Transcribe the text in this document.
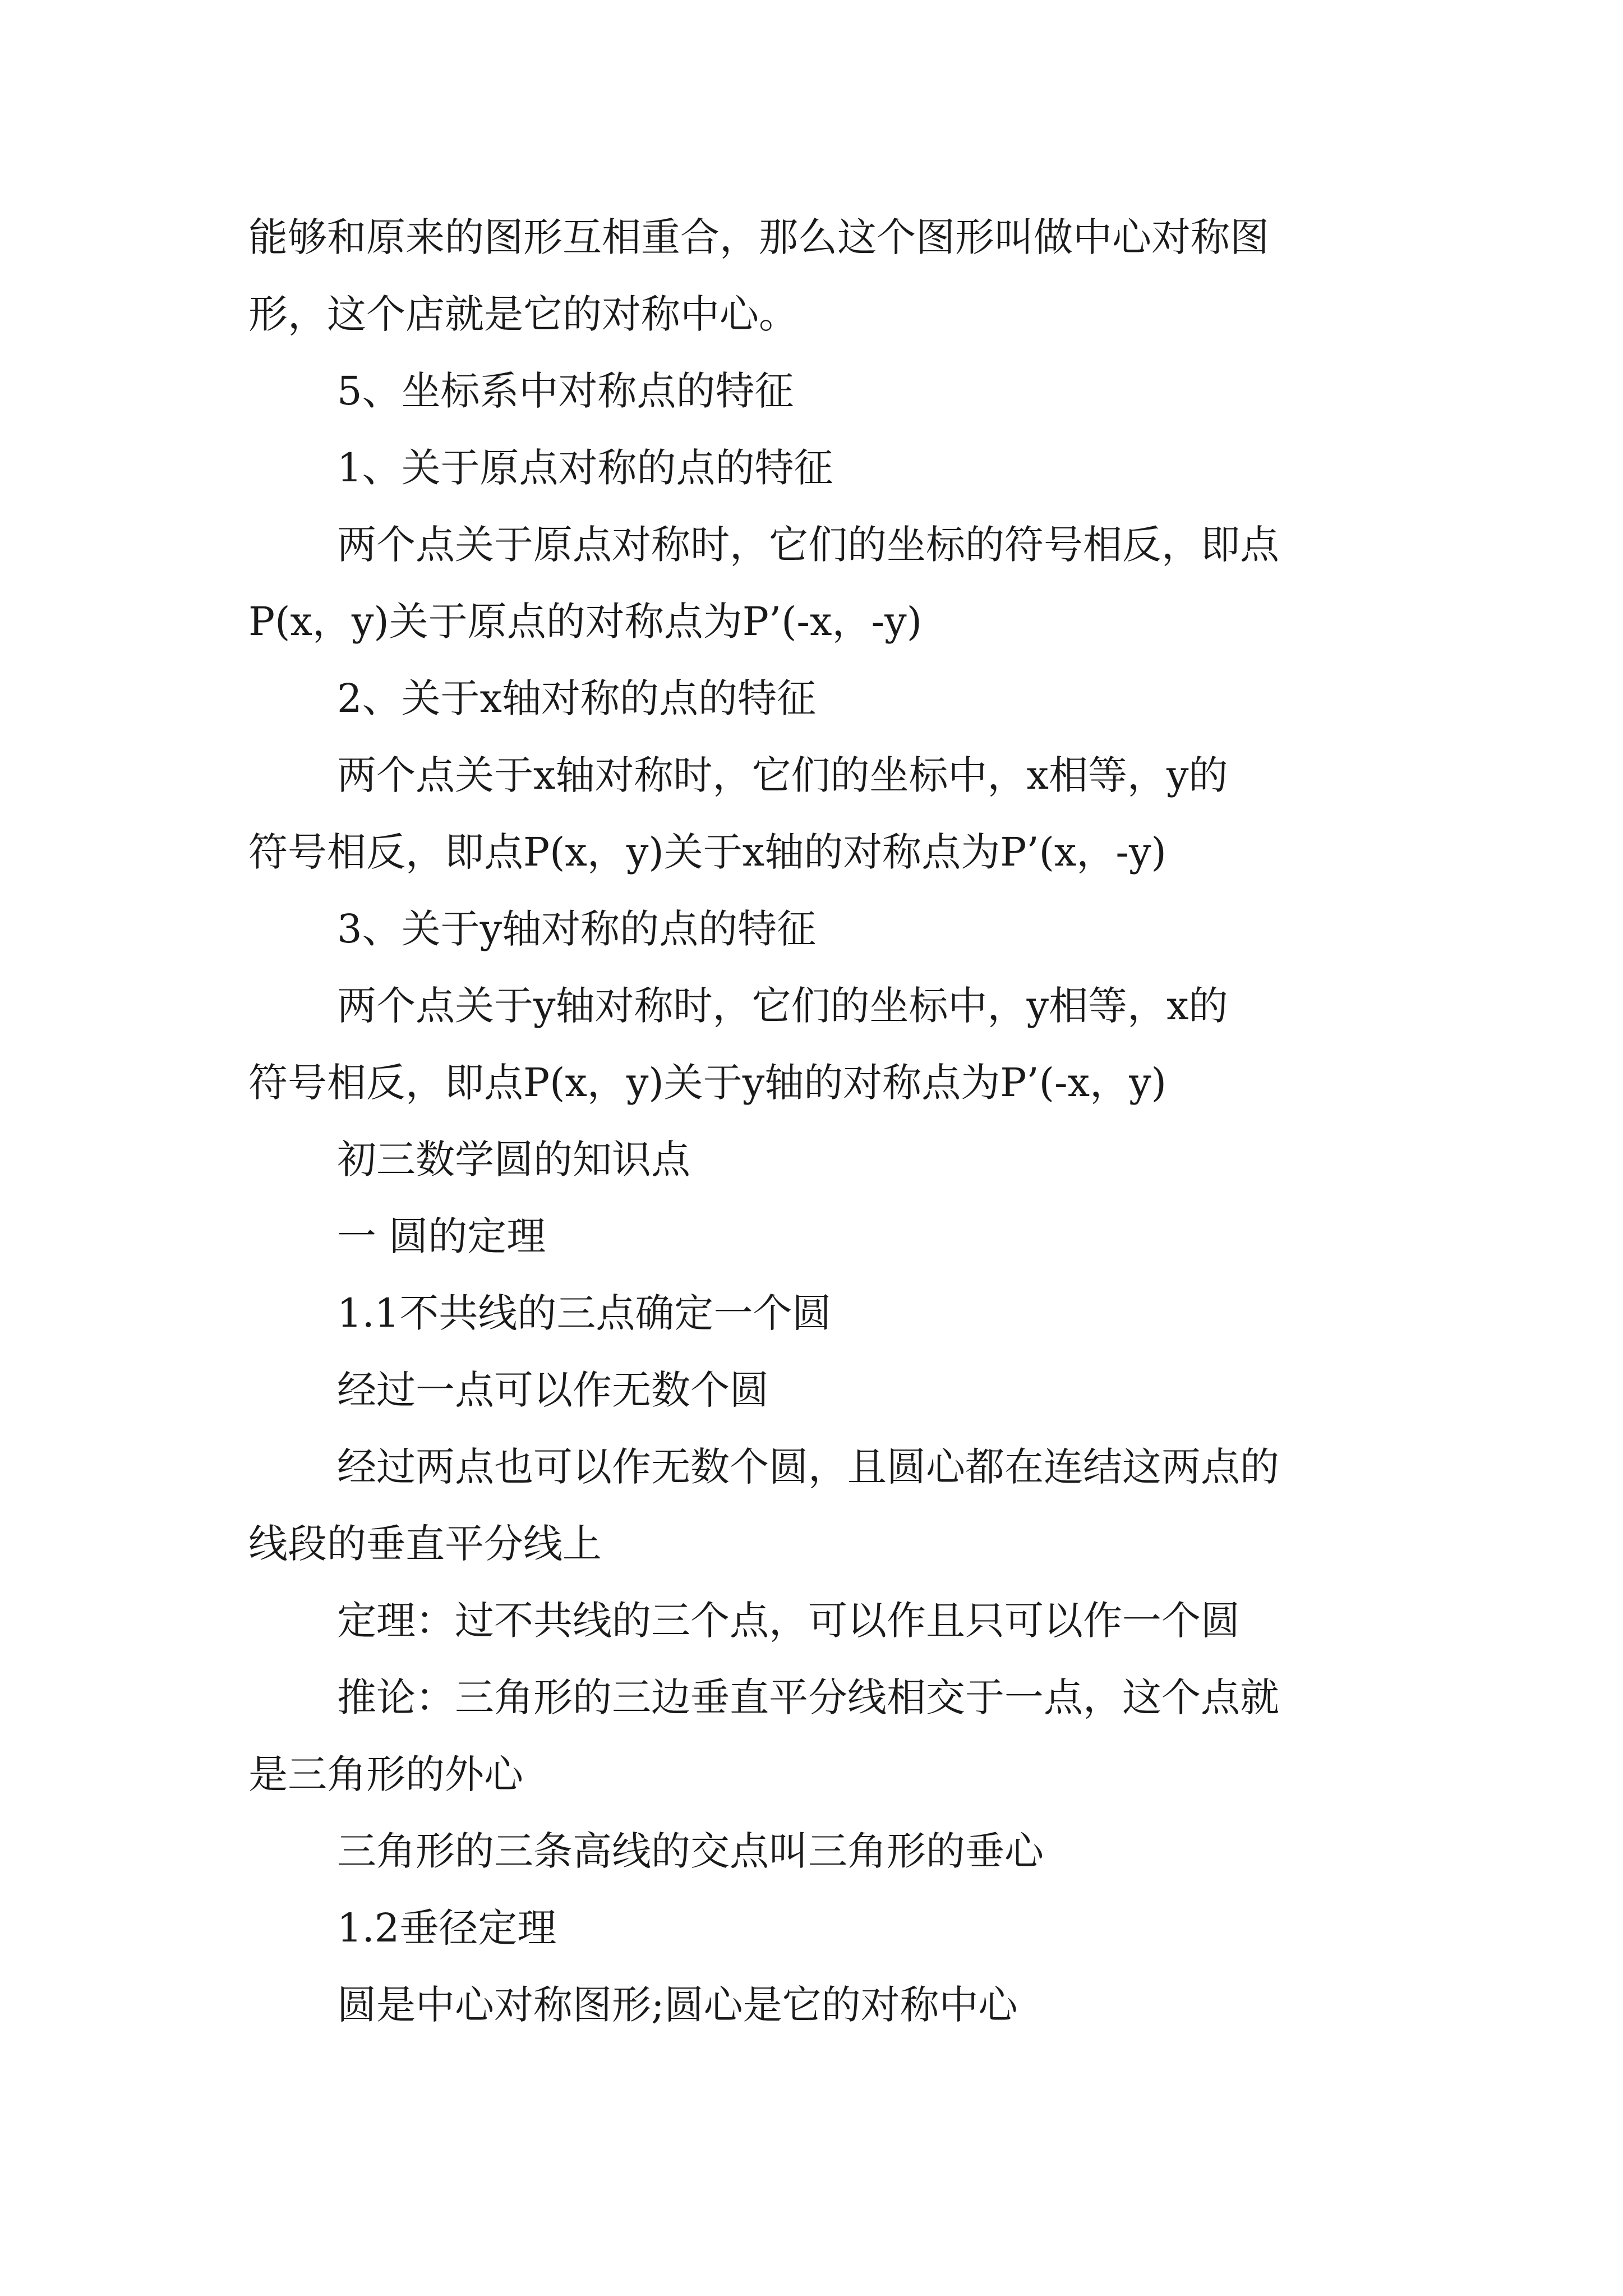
能够和原来的图形互相重合，那么这个图形叫做中心对称图
形，这个店就是它的对称中心。
5、坐标系中对称点的特征
1、关于原点对称的点的特征
两个点关于原点对称时，它们的坐标的符号相反，即点
P(x，y)关于原点的对称点为P’(-x，-y)
2、关于x轴对称的点的特征
两个点关于x轴对称时，它们的坐标中，x相等，y的
符号相反，即点P(x，y)关于x轴的对称点为P’(x，-y)
3、关于y轴对称的点的特征
两个点关于y轴对称时，它们的坐标中，y相等，x的
符号相反，即点P(x，y)关于y轴的对称点为P’(-x，y)
初三数学圆的知识点
一 圆的定理
1.1不共线的三点确定一个圆
经过一点可以作无数个圆
经过两点也可以作无数个圆，且圆心都在连结这两点的
线段的垂直平分线上
定理：过不共线的三个点，可以作且只可以作一个圆
推论：三角形的三边垂直平分线相交于一点，这个点就
是三角形的外心
三角形的三条高线的交点叫三角形的垂心
1.2垂径定理
圆是中心对称图形;圆心是它的对称中心
